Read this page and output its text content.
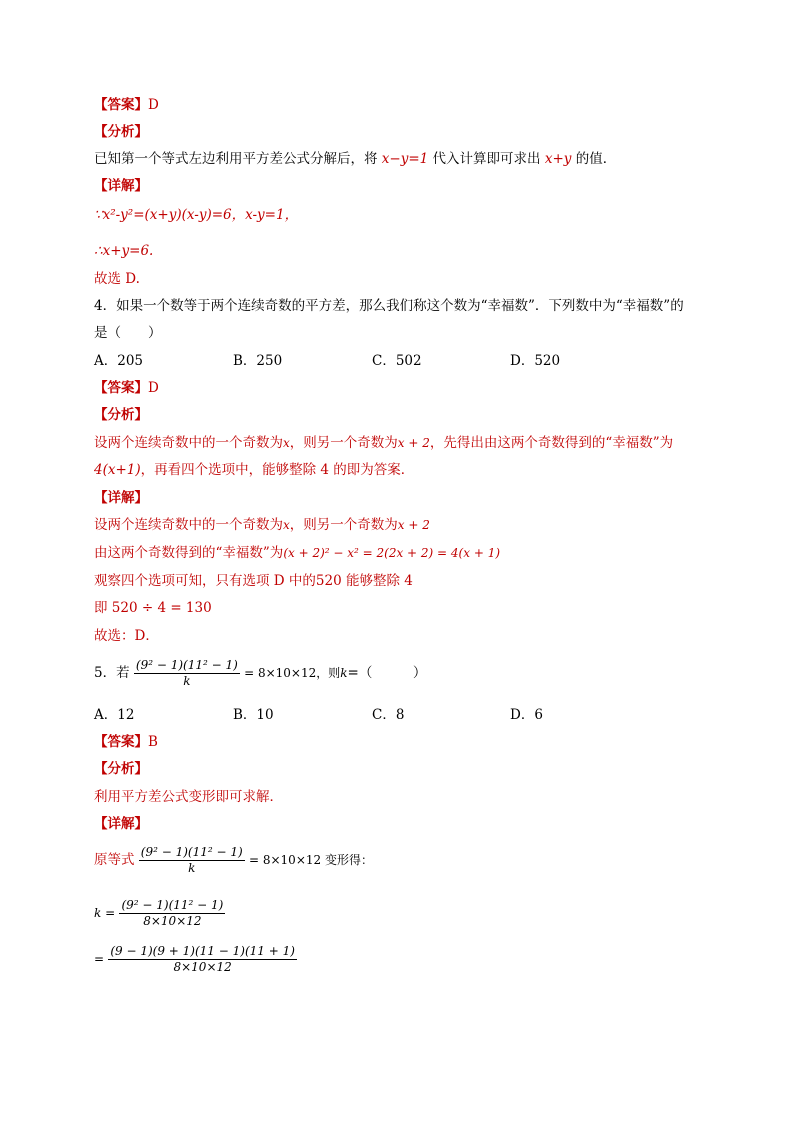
【答案】D
【分析】
已知第一个等式左边利用平方差公式分解后，将 x−y=1 代入计算即可求出 x+y 的值．
【详解】
∵x²-y²=(x+y)(x-y)=6，x-y=1，
∴x+y=6.
故选 D.
4．如果一个数等于两个连续奇数的平方差，那么我们称这个数为“幸福数”．下列数中为“幸福数”的
是（　　）
A．205	B．250	C．502	D．520
【答案】D
【分析】
设两个连续奇数中的一个奇数为x，则另一个奇数为x + 2，先得出由这两个奇数得到的“幸福数”为
4(x+1)，再看四个选项中，能够整除 4 的即为答案．
【详解】
设两个连续奇数中的一个奇数为x，则另一个奇数为x + 2
由这两个奇数得到的“幸福数”为(x + 2)² − x² = 2(2x + 2) = 4(x + 1)
观察四个选项可知，只有选项 D 中的520 能够整除 4
即 520 ÷ 4 = 130
故选：D．
5．若 $\frac{\text{(9² − 1)(11² − 1)}}{k} = 8\times 10\times 12$，则k=（　　　）
A．12	B．10	C．8	D．6
【答案】B
【分析】
利用平方差公式变形即可求解．
【详解】
原等式 $\frac{\text{(9² − 1)(11² − 1)}}{k} = 8\times 10\times 12$ 变形得：
$k = \frac{\text{(9² − 1)(11² − 1)}}{8\times 10\times 12}$
= $\frac{(9 - 1)(9 + 1)(11 - 1)(11 + 1)}{8\times 10\times 12}$
